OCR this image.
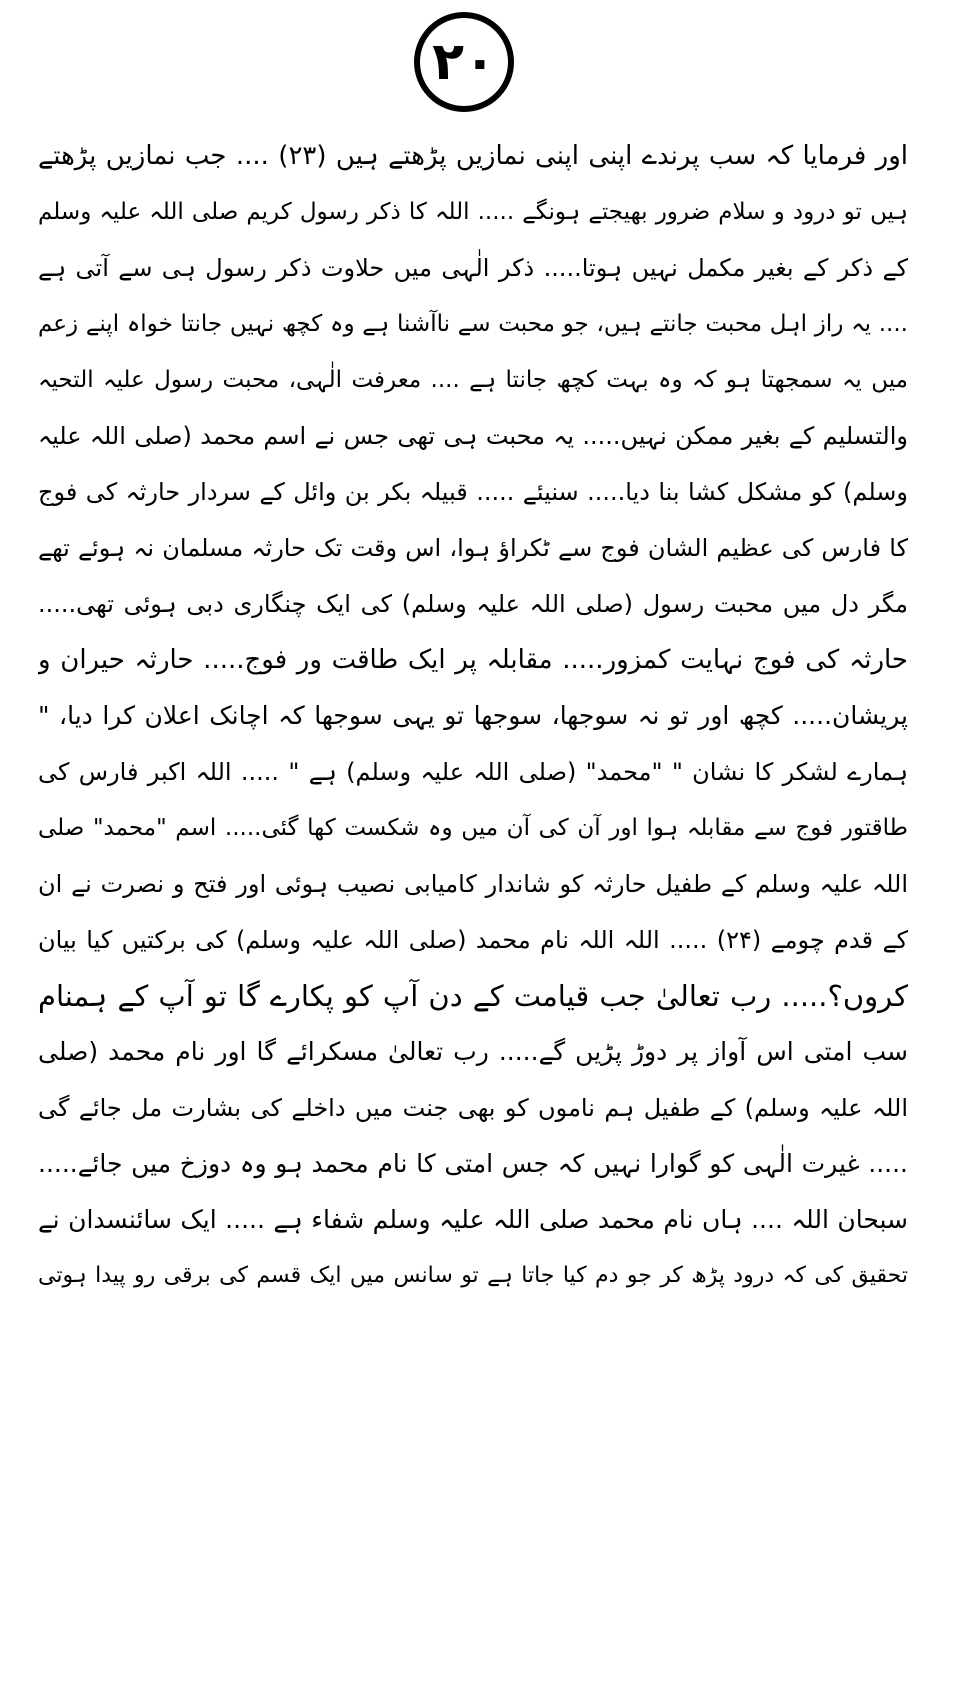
۲۰
اور فرمایا کہ سب پرندے اپنی اپنی نمازیں پڑھتے ہیں (۲۳) .... جب نمازیں پڑھتے
ہیں تو درود و سلام ضرور بھیجتے ہونگے ..... اللہ کا ذکر رسول کریم صلی اللہ علیہ وسلم
کے ذکر کے بغیر مکمل نہیں ہوتا..... ذکر الٰہی میں حلاوت ذکر رسول ہی سے آتی ہے
.... یہ راز اہل محبت جانتے ہیں، جو محبت سے ناآشنا ہے وہ کچھ نہیں جانتا خواہ اپنے زعم
میں یہ سمجھتا ہو کہ وہ بہت کچھ جانتا ہے .... معرفت الٰہی، محبت رسول علیہ التحیہ
والتسلیم کے بغیر ممکن نہیں..... یہ محبت ہی تھی جس نے اسم محمد (صلی اللہ علیہ
وسلم) کو مشکل کشا بنا دیا..... سنیئے ..... قبیلہ بکر بن وائل کے سردار حارثہ کی فوج
کا فارس کی عظیم الشان فوج سے ٹکراؤ ہوا، اس وقت تک حارثہ مسلمان نہ ہوئے تھے
مگر دل میں محبت رسول (صلی اللہ علیہ وسلم) کی ایک چنگاری دبی ہوئی تھی.....
حارثہ کی فوج نہایت کمزور..... مقابلہ پر ایک طاقت ور فوج..... حارثہ حیران و
پریشان..... کچھ اور تو نہ سوجھا، سوجھا تو یہی سوجھا کہ اچانک اعلان کرا دیا، "
ہمارے لشکر کا نشان " "محمد" (صلی اللہ علیہ وسلم) ہے " ..... اللہ اکبر فارس کی
طاقتور فوج سے مقابلہ ہوا اور آن کی آن میں وہ شکست کھا گئی..... اسم "محمد" صلی
اللہ علیہ وسلم کے طفیل حارثہ کو شاندار کامیابی نصیب ہوئی اور فتح و نصرت نے ان
کے قدم چومے (۲۴) ..... اللہ اللہ نام محمد (صلی اللہ علیہ وسلم) کی برکتیں کیا بیان
کروں؟..... رب تعالیٰ جب قیامت کے دن آپ کو پکارے گا تو آپ کے ہمنام
سب امتی اس آواز پر دوڑ پڑیں گے..... رب تعالیٰ مسکرائے گا اور نام محمد (صلی
اللہ علیہ وسلم) کے طفیل ہم ناموں کو بھی جنت میں داخلے کی بشارت مل جائے گی
..... غیرت الٰہی کو گوارا نہیں کہ جس امتی کا نام محمد ہو وہ دوزخ میں جائے.....
سبحان اللہ .... ہاں نام محمد صلی اللہ علیہ وسلم شفاء ہے ..... ایک سائنسدان نے
تحقیق کی کہ درود پڑھ کر جو دم کیا جاتا ہے تو سانس میں ایک قسم کی برقی رو پیدا ہوتی
